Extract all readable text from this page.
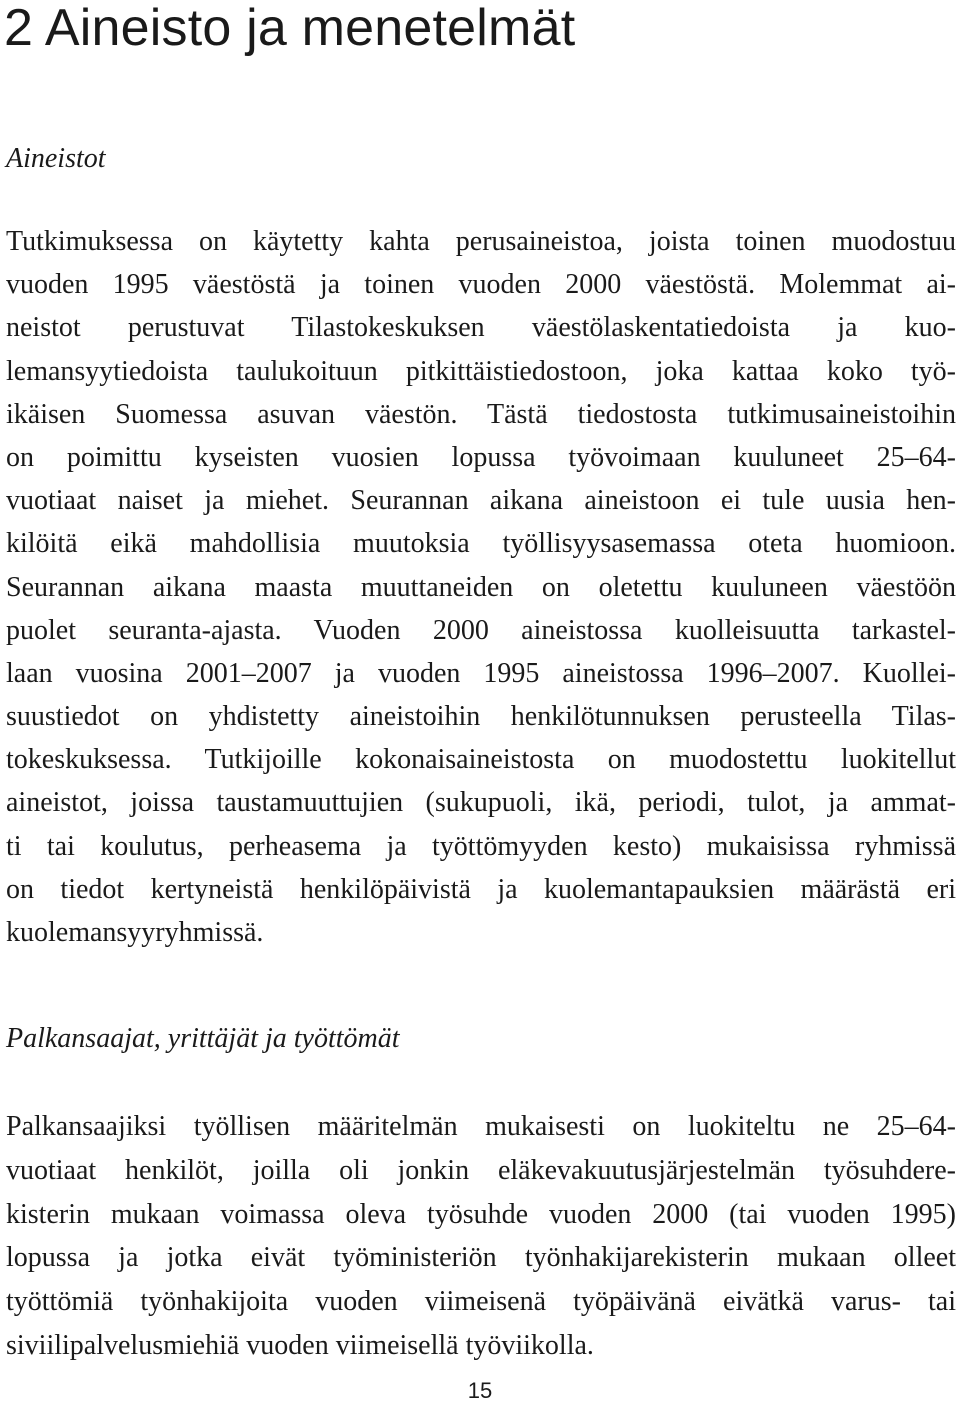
2 Aineisto ja menetelmät
Aineistot

Tutkimuksessa on käytetty kahta perusaineistoa, joista toinen muodostuu
vuoden 1995 väestöstä ja toinen vuoden 2000 väestöstä. Molemmat ai-
neistot perustuvat Tilastokeskuksen väestölaskentatiedoista ja kuo-
lemansyytiedoista taulukoituun pitkittäistiedostoon, joka kattaa koko työ-
ikäisen Suomessa asuvan väestön. Tästä tiedostosta tutkimusaineistoihin
on poimittu kyseisten vuosien lopussa työvoimaan kuuluneet 25–64-
vuotiaat naiset ja miehet. Seurannan aikana aineistoon ei tule uusia hen-
kilöitä eikä mahdollisia muutoksia työllisyysasemassa oteta huomioon.
Seurannan aikana maasta muuttaneiden on oletettu kuuluneen väestöön
puolet seuranta-ajasta. Vuoden 2000 aineistossa kuolleisuutta tarkastel-
laan vuosina 2001–2007 ja vuoden 1995 aineistossa 1996–2007. Kuollei-
suustiedot on yhdistetty aineistoihin henkilötunnuksen perusteella Tilas-
tokeskuksessa. Tutkijoille kokonaisaineistosta on muodostettu luokitellut
aineistot, joissa taustamuuttujien (sukupuoli, ikä, periodi, tulot, ja ammat-
ti tai koulutus, perheasema ja työttömyyden kesto) mukaisissa ryhmissä
on tiedot kertyneistä henkilöpäivistä ja kuolemantapauksien määrästä eri
kuolemansyyryhmissä.

Palkansaajat, yrittäjät ja työttömät

Palkansaajiksi työllisen määritelmän mukaisesti on luokiteltu ne 25–64-
vuotiaat henkilöt, joilla oli jonkin eläkevakuutusjärjestelmän työsuhdere-
kisterin mukaan voimassa oleva työsuhde vuoden 2000 (tai vuoden 1995)
lopussa ja jotka eivät työministeriön työnhakijarekisterin mukaan olleet
työttömiä työnhakijoita vuoden viimeisenä työpäivänä eivätkä varus- tai
siviilipalvelusmiehiä vuoden viimeisellä työviikolla.

15
